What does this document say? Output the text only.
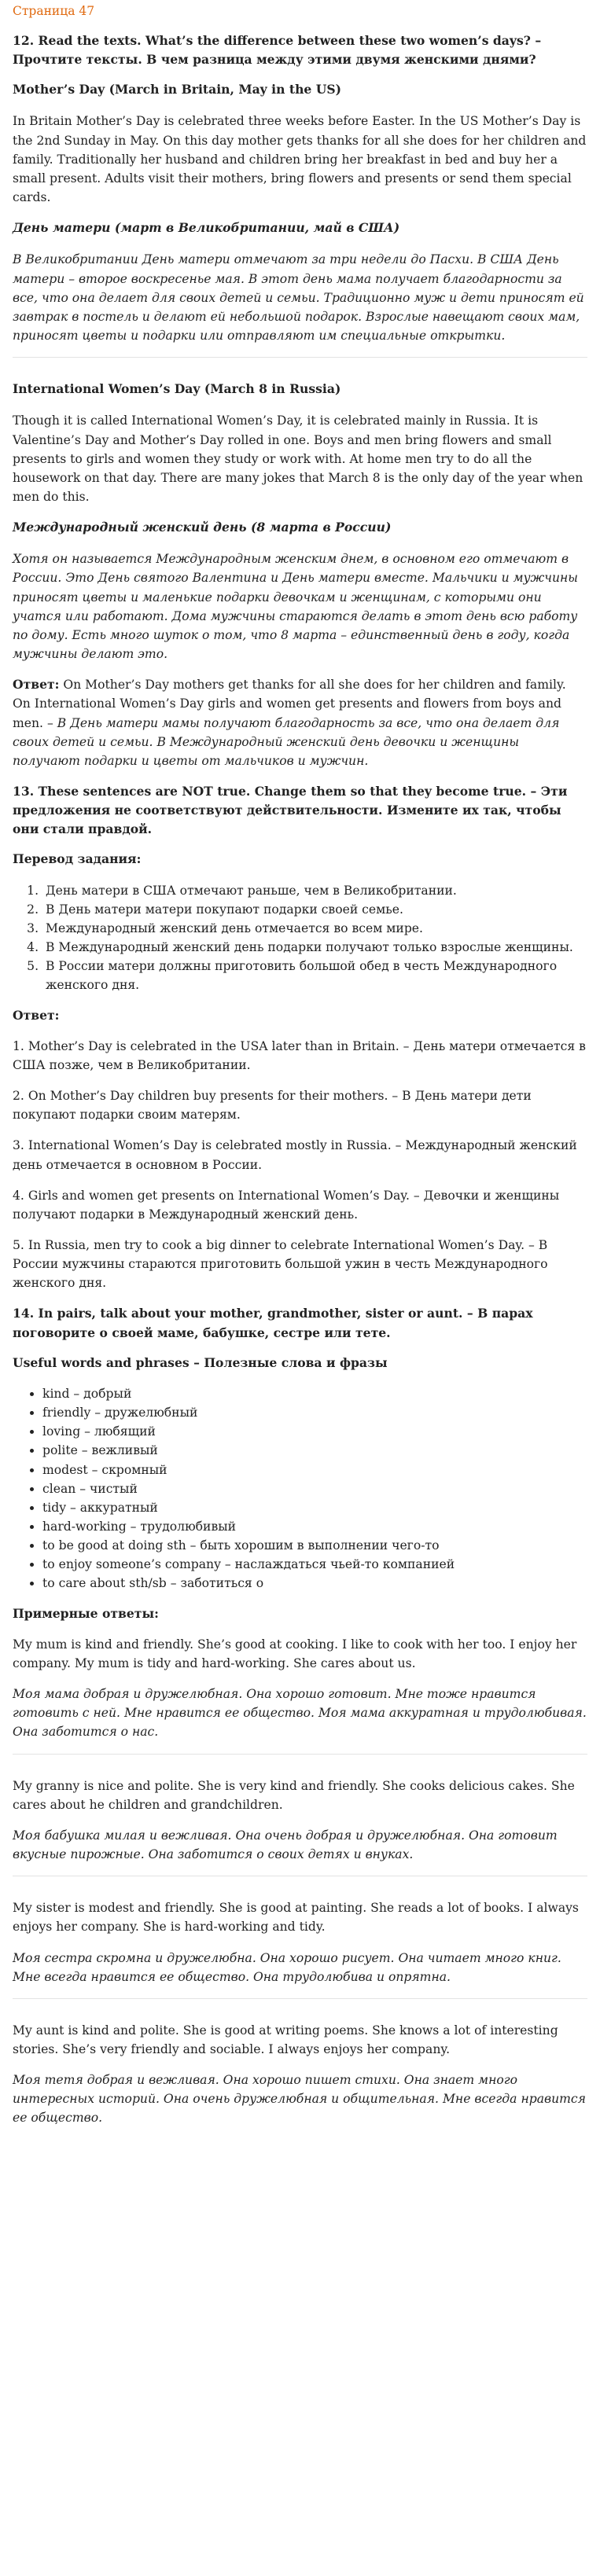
Страница 47

12. Read the texts. What’s the difference between these two women’s days? – Прочтите тексты. В чем разница между этими двумя женскими днями?

Mother’s Day (March in Britain, May in the US)

In Britain Mother’s Day is celebrated three weeks before Easter. In the US Mother’s Day is the 2nd Sunday in May. On this day mother gets thanks for all she does for her children and family. Traditionally her husband and children bring her breakfast in bed and buy her a small present. Adults visit their mothers, bring flowers and presents or send them special cards.

День матери (март в Великобритании, май в США)

В Великобритании День матери отмечают за три недели до Пасхи. В США День матери – второе воскресенье мая. В этот день мама получает благодарности за все, что она делает для своих детей и семьи. Традиционно муж и дети приносят ей завтрак в постель и делают ей небольшой подарок. Взрослые навещают своих мам, приносят цветы и подарки или отправляют им специальные открытки.

International Women’s Day (March 8 in Russia)

Though it is called International Women’s Day, it is celebrated mainly in Russia. It is Valentine’s Day and Mother’s Day rolled in one. Boys and men bring flowers and small presents to girls and women they study or work with. At home men try to do all the housework on that day. There are many jokes that March 8 is the only day of the year when men do this.

Международный женский день (8 марта в России)

Хотя он называется Международным женским днем, в основном его отмечают в России. Это День святого Валентина и День матери вместе. Мальчики и мужчины приносят цветы и маленькие подарки девочкам и женщинам, с которыми они учатся или работают. Дома мужчины стараются делать в этот день всю работу по дому. Есть много шуток о том, что 8 марта – единственный день в году, когда мужчины делают это.

Ответ: On Mother’s Day mothers get thanks for all she does for her children and family. On International Women’s Day girls and women get presents and flowers from boys and men. – В День матери мамы получают благодарность за все, что она делает для своих детей и семьи. В Международный женский день девочки и женщины получают подарки и цветы от мальчиков и мужчин.

13. These sentences are NOT true. Change them so that they become true. – Эти предложения не соответствуют действительности. Измените их так, чтобы они стали правдой.

Перевод задания:

1. День матери в США отмечают раньше, чем в Великобритании.
2. В День матери матери покупают подарки своей семье.
3. Международный женский день отмечается во всем мире.
4. В Международный женский день подарки получают только взрослые женщины.
5. В России матери должны приготовить большой обед в честь Международного женского дня.

Ответ:

1. Mother’s Day is celebrated in the USA later than in Britain. – День матери отмечается в США позже, чем в Великобритании.

2. On Mother’s Day children buy presents for their mothers. – В День матери дети покупают подарки своим матерям.

3. International Women’s Day is celebrated mostly in Russia. – Международный женский день отмечается в основном в России.

4. Girls and women get presents on International Women’s Day. – Девочки и женщины получают подарки в Международный женский день.

5. In Russia, men try to cook a big dinner to celebrate International Women’s Day. – В России мужчины стараются приготовить большой ужин в честь Международного женского дня.

14. In pairs, talk about your mother, grandmother, sister or aunt. – В парах поговорите о своей маме, бабушке, сестре или тете.

Useful words and phrases – Полезные слова и фразы

• kind – добрый
• friendly – дружелюбный
• loving – любящий
• polite – вежливый
• modest – скромный
• clean – чистый
• tidy – аккуратный
• hard-working – трудолюбивый
• to be good at doing sth – быть хорошим в выполнении чего-то
• to enjoy someone’s company – наслаждаться чьей-то компанией
• to care about sth/sb – заботиться о

Примерные ответы:

My mum is kind and friendly. She’s good at cooking. I like to cook with her too. I enjoy her company. My mum is tidy and hard-working. She cares about us.

Моя мама добрая и дружелюбная. Она хорошо готовит. Мне тоже нравится готовить с ней. Мне нравится ее общество. Моя мама аккуратная и трудолюбивая. Она заботится о нас.

My granny is nice and polite. She is very kind and friendly. She cooks delicious cakes. She cares about he children and grandchildren.

Моя бабушка милая и вежливая. Она очень добрая и дружелюбная. Она готовит вкусные пирожные. Она заботится о своих детях и внуках.

My sister is modest and friendly. She is good at painting. She reads a lot of books. I always enjoys her company. She is hard-working and tidy.

Моя сестра скромна и дружелюбна. Она хорошо рисует. Она читает много книг. Мне всегда нравится ее общество. Она трудолюбива и опрятна.

My aunt is kind and polite. She is good at writing poems. She knows a lot of interesting stories. She’s very friendly and sociable. I always enjoys her company.

Моя тетя добрая и вежливая. Она хорошо пишет стихи. Она знает много интересных историй. Она очень дружелюбная и общительная. Мне всегда нравится ее общество.
